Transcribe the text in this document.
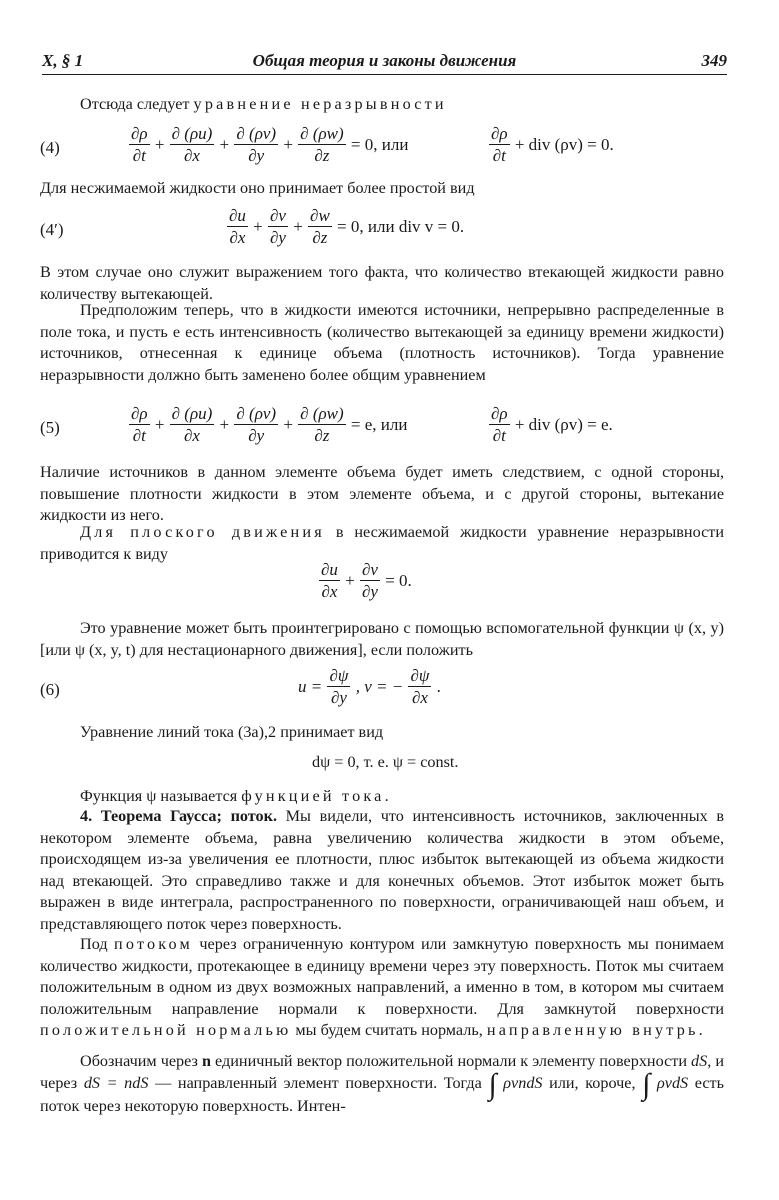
X, § 1	Общая теория и законы движения	349
Отсюда следует уравнение неразрывности
(4)	$\frac{\partial\rho}{\partial t} + \frac{\partial (\rho u)}{\partial x} + \frac{\partial (\rho v)}{\partial y} + \frac{\partial (\rho w)}{\partial z} = 0$, или	$\frac{\partial\rho}{\partial t}$ + div (ρv) = 0.
Для несжимаемой жидкости оно принимает более простой вид
(4′)	$\frac{\partial u}{\partial x} + \frac{\partial v}{\partial y} + \frac{\partial w}{\partial z} = 0$, или div v = 0.
В этом случае оно служит выражением того факта, что количество втекающей жидкости равно количеству вытекающей.
Предположим теперь, что в жидкости имеются источники, непрерывно распределенные в поле тока, и пусть e есть интенсивность (количество вытекающей за единицу времени жидкости) источников, отнесенная к единице объема (плотность источников). Тогда уравнение неразрывности должно быть заменено более общим уравнением
(5)	$\frac{\partial\rho}{\partial t} + \frac{\partial (\rho u)}{\partial x} + \frac{\partial (\rho v)}{\partial y} + \frac{\partial (\rho w)}{\partial z} = e$, или	$\frac{\partial\rho}{\partial t}$ + div (ρv) = e.
Наличие источников в данном элементе объема будет иметь следствием, с одной стороны, повышение плотности жидкости в этом элементе объема, и с другой стороны, вытекание жидкости из него.
Для плоского движения в несжимаемой жидкости уравнение неразрывности приводится к виду
$\frac{\partial u}{\partial x} + \frac{\partial v}{\partial y} = 0$.
Это уравнение может быть проинтегрировано с помощью вспомогательной функции ψ (x, y) [или ψ (x, y, t) для нестационарного движения], если положить
(6)	$u = \frac{\partial\psi}{\partial y}$ , v = − $\frac{\partial\psi}{\partial x}$ .
Уравнение линий тока (3а),2 принимает вид
dψ = 0, т. е. ψ = const.
Функция ψ называется функцией тока.
4. Теорема Гаусса; поток. Мы видели, что интенсивность источников, заключенных в некотором элементе объема, равна увеличению количества жидкости в этом объеме, происходящем из-за увеличения ее плотности, плюс избыток вытекающей из объема жидкости над втекающей. Это справедливо также и для конечных объемов. Этот избыток может быть выражен в виде интеграла, распространенного по поверхности, ограничивающей наш объем, и представляющего поток через поверхность.
Под потоком через ограниченную контуром или замкнутую поверхность мы понимаем количество жидкости, протекающее в единицу времени через эту поверхность. Поток мы считаем положительным в одном из двух возможных направлений, а именно в том, в котором мы считаем положительным направление нормали к поверхности. Для замкнутой поверхности положительной нормалью мы будем считать нормаль, направленную внутрь.
Обозначим через n единичный вектор положительной нормали к элементу поверхности dS, и через dS = ndS — направленный элемент поверхности. Тогда ∫ ρvndS или, короче, ∫ ρvdS есть поток через некоторую поверхность. Интен-
